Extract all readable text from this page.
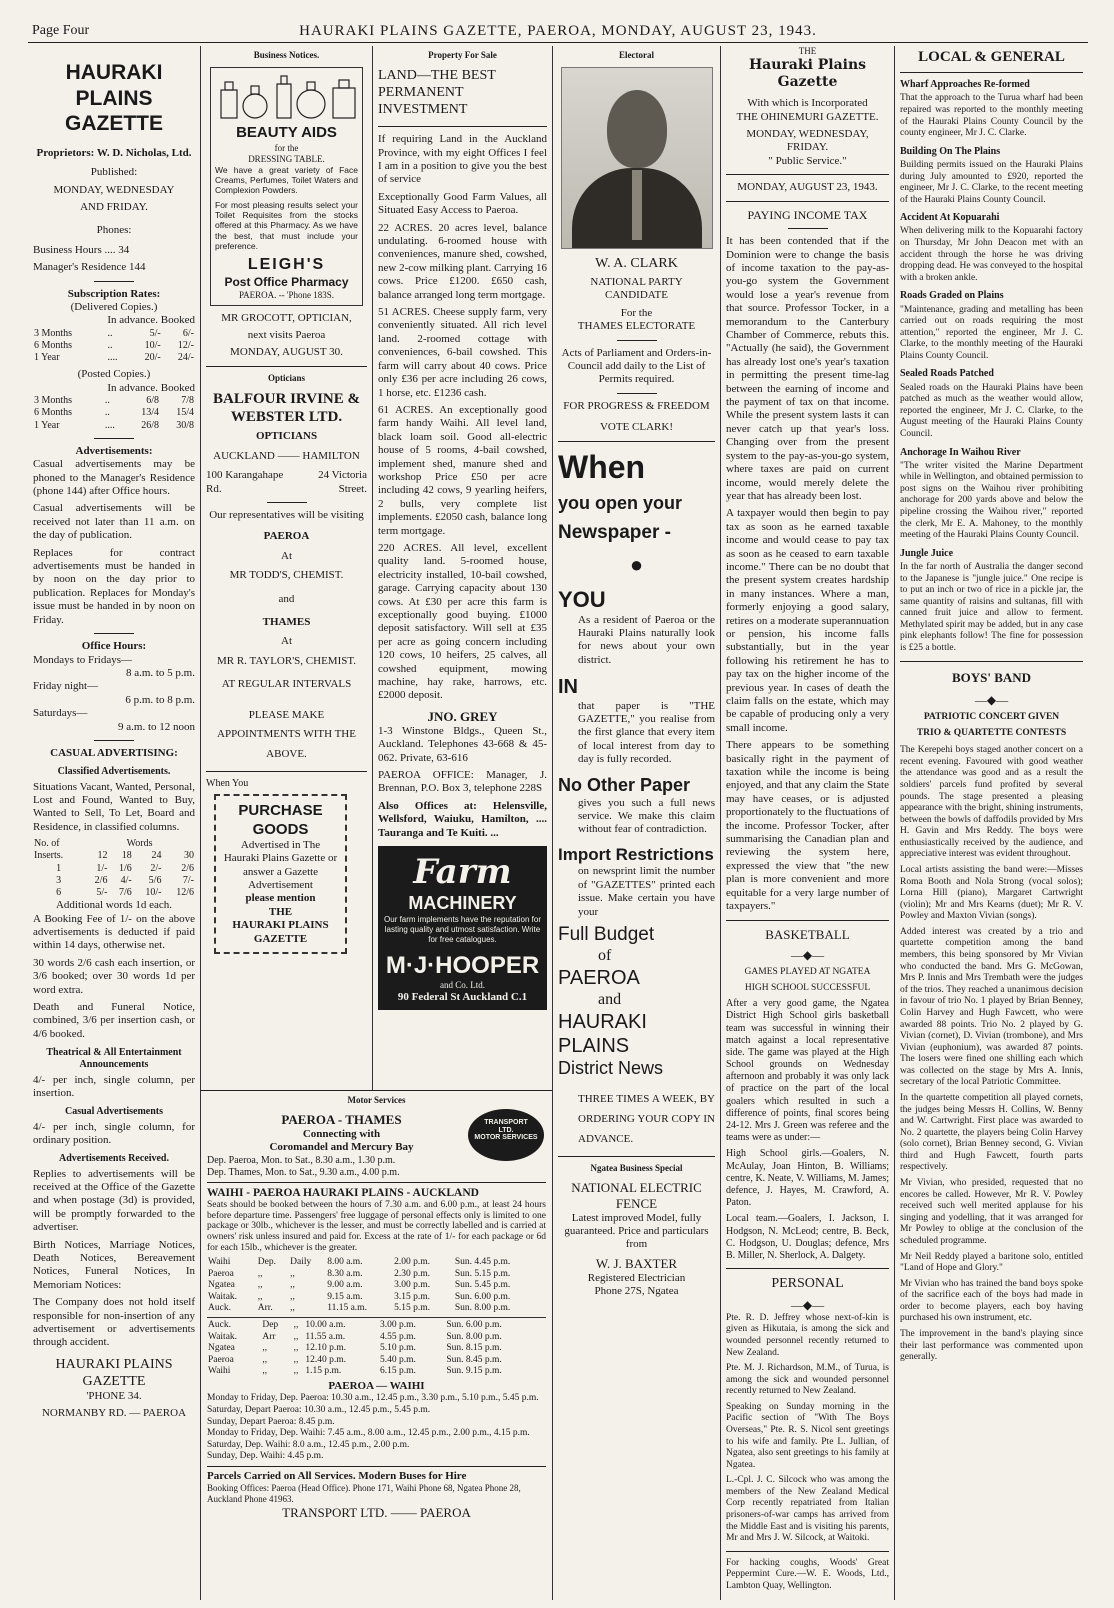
Page Four	HAURAKI PLAINS GAZETTE, PAEROA, MONDAY, AUGUST 23, 1943.
HAURAKI PLAINS
GAZETTE
Proprietors: W. D. Nicholas, Ltd.
Published:
MONDAY, WEDNESDAY
AND FRIDAY.
Phones:
Business Hours .... 34
Manager's Residence 144
Subscription Rates:
(Delivered Copies.)
In advance. Booked
3 Months	..	5/-	6/-
6 Months	..	10/-	12/-
1 Year	....	20/-	24/-
(Posted Copies.)
In advance. Booked
3 Months	..	6/8	7/8
6 Months	..	13/4	15/4
1 Year	....	26/8	30/8
Advertisements:

Casual advertisements may be phoned to the Manager's Residence (phone 144) after Office hours.

Casual advertisements will be received not later than 11 a.m. on the day of publication.

Replaces for contract advertisements must be handed in by noon on the day prior to publication. Replaces for Monday's issue must be handed in by noon on Friday.

Office Hours:
Mondays to Fridays—
8 a.m. to 5 p.m.
Friday night—
6 p.m. to 8 p.m.
Saturdays—
9 a.m. to 12 noon
CASUAL ADVERTISING:
Classified Advertisements.

Situations Vacant, Wanted, Personal, Lost and Found, Wanted to Buy, Wanted to Sell, To Let, Board and Residence, in classified columns.

No. of	Words			
Inserts.	12	18	24	30
1	1/-	1/6	2/-	2/6
3	2/6	4/-	5/6	7/-
6	5/-	7/6	10/-	12/6
Additional words 1d each.

A Booking Fee of 1/- on the above advertisements is deducted if paid within 14 days, otherwise net.

30 words 2/6 cash each insertion, or 3/6 booked; over 30 words 1d per word extra.

Death and Funeral Notice, combined, 3/6 per insertion cash, or 4/6 booked.

Theatrical & All Entertainment Announcements

4/- per inch, single column, per insertion.

Casual Advertisements

4/- per inch, single column, for ordinary position.

Advertisements Received.

Replies to advertisements will be received at the Office of the Gazette and when postage (3d) is provided, will be promptly forwarded to the advertiser.

Birth Notices, Marriage Notices, Death Notices, Bereavement Notices, Funeral Notices, In Memoriam Notices:

The Company does not hold itself responsible for non-insertion of any advertisement or advertisements through accident.

HAURAKI PLAINS
GAZETTE
'PHONE 34.
NORMANBY RD. — PAEROA
Business Notices.
BEAUTY AIDS
for the
DRESSING TABLE.

We have a great variety of Face Creams, Perfumes, Toilet Waters and Complexion Powders.

For most pleasing results select your Toilet Requisites from the stocks offered at this Pharmacy. As we have the best, that must include your preference.

LEIGH'S
Post Office Pharmacy
PAEROA. -- 'Phone 183S.
MR GROCOTT, OPTICIAN,
next visits Paeroa
MONDAY, AUGUST 30.
Opticians
BALFOUR IRVINE & WEBSTER LTD.
OPTICIANS
AUCKLAND —— HAMILTON
100 Karangahape Rd.
24 Victoria Street.
Our representatives will be visiting
PAEROA
At
MR TODD'S, CHEMIST.
and
THAMES
At
MR R. TAYLOR'S, CHEMIST.
AT REGULAR INTERVALS
PLEASE MAKE APPOINTMENTS WITH THE ABOVE.
When You
PURCHASE GOODS
Advertised in The Hauraki Plains Gazette or answer a Gazette Advertisement
please mention
THE
HAURAKI PLAINS GAZETTE
Property For Sale
LAND—THE BEST PERMANENT INVESTMENT

If requiring Land in the Auckland Province, with my eight Offices I feel I am in a position to give you the best of service

Exceptionally Good Farm Values, all Situated Easy Access to Paeroa.

22 ACRES. 20 acres level, balance undulating. 6-roomed house with conveniences, manure shed, cowshed, new 2-cow milking plant. Carrying 16 cows. Price £1200. £650 cash, balance arranged long term mortgage.

51 ACRES. Cheese supply farm, very conveniently situated. All rich level land. 2-roomed cottage with conveniences, 6-bail cowshed. This farm will carry about 40 cows. Price only £36 per acre including 26 cows, 1 horse, etc. £1236 cash.

61 ACRES. An exceptionally good farm handy Waihi. All level land, black loam soil. Good all-electric house of 5 rooms, 4-bail cowshed, implement shed, manure shed and workshop Price £50 per acre including 42 cows, 9 yearling heifers, 2 bulls, very complete list implements. £2050 cash, balance long term mortgage.

220 ACRES. All level, excellent quality land. 5-roomed house, electricity installed, 10-bail cowshed, garage. Carrying capacity about 130 cows. At £30 per acre this farm is exceptionally good buying. £1000 deposit satisfactory. Will sell at £35 per acre as going concern including 120 cows, 10 heifers, 25 calves, all cowshed equipment, mowing machine, hay rake, harrows, etc. £2000 deposit.

JNO. GREY

1-3 Winstone Bldgs., Queen St., Auckland. Telephones 43-668 & 45-062. Private, 63-616

PAEROA OFFICE: Manager, J. Brennan, P.O. Box 3, telephone 228S

Also Offices at: Helensville, Wellsford, Waiuku, Hamilton, .... Tauranga and Te Kuiti. ...

Farm
MACHINERY
Our farm implements have the reputation for lasting quality and utmost satisfaction. Write for free catalogues.
M·J·HOOPER
and Co. Ltd.
90 Federal St Auckland C.1
Electoral
W. A. CLARK
NATIONAL PARTY
CANDIDATE
For the
THAMES ELECTORATE

Acts of Parliament and Orders-in-Council add daily to the List of Permits required.

FOR PROGRESS & FREEDOM
VOTE CLARK!
When
you open your
Newspaper -
●
YOU

As a resident of Paeroa or the Hauraki Plains naturally look for news about your own district.

IN

that paper is "THE GAZETTE," you realise from the first glance that every item of local interest from day to day is fully recorded.

No Other Paper

gives you such a full news service. We make this claim without fear of contradiction.

Import Restrictions

on newsprint limit the number of "GAZETTES" printed each issue. Make certain you have your

Full Budget
of
PAEROA
and
HAURAKI
PLAINS
District News

THREE TIMES A WEEK, BY ORDERING YOUR COPY IN ADVANCE.

Ngatea Business Special
NATIONAL ELECTRIC FENCE

Latest improved Model, fully guaranteed. Price and particulars from

W. J. BAXTER
Registered Electrician
Phone 27S, Ngatea
THE
Hauraki Plains Gazette
With which is Incorporated
THE OHINEMURI GAZETTE.
MONDAY, WEDNESDAY, FRIDAY.
" Public Service."
MONDAY, AUGUST 23, 1943.
PAYING INCOME TAX

It has been contended that if the Dominion were to change the basis of income taxation to the pay-as-you-go system the Government would lose a year's revenue from that source. Professor Tocker, in a memorandum to the Canterbury Chamber of Commerce, rebuts this. "Actually (he said), the Government has already lost one's year's taxation in permitting the present time-lag between the earning of income and the payment of tax on that income. While the present system lasts it can never catch up that year's loss. Changing over from the present system to the pay-as-you-go system, where taxes are paid on current income, would merely delete the year that has already been lost.

A taxpayer would then begin to pay tax as soon as he earned taxable income and would cease to pay tax as soon as he ceased to earn taxable income." There can be no doubt that the present system creates hardship in many instances. Where a man, formerly enjoying a good salary, retires on a moderate superannuation or pension, his income falls substantially, but in the year following his retirement he has to pay tax on the higher income of the previous year. In cases of death the claim falls on the estate, which may be capable of producing only a very small income.

There appears to be something basically right in the payment of taxation while the income is being enjoyed, and that any claim the State may have ceases, or is adjusted proportionately to the fluctuations of the income. Professor Tocker, after summarising the Canadian plan and reviewing the system here, expressed the view that "the new plan is more convenient and more equitable for a very large number of taxpayers."

BASKETBALL
—◆—
GAMES PLAYED AT NGATEA
HIGH SCHOOL SUCCESSFUL

After a very good game, the Ngatea District High School girls basketball team was successful in winning their match against a local representative side. The game was played at the High School grounds on Wednesday afternoon and probably it was only lack of practice on the part of the local goalers which resulted in such a difference of points, final scores being 24-12. Mrs J. Green was referee and the teams were as under:—

High School girls.—Goalers, N. McAulay, Joan Hinton, B. Williams; centre, K. Neate, V. Williams, M. James; defence, J. Hayes, M. Crawford, A. Paton.

Local team.—Goalers, I. Jackson, I. Hodgson, N. McLeod; centre, B. Beck, C. Hodgson, U. Douglas; defence, Mrs B. Miller, N. Sherlock, A. Dalgety.

PERSONAL
—◆—

Pte. R. D. Jeffrey whose next-of-kin is given as Hikutaia, is among the sick and wounded personnel recently returned to New Zealand.

Pte. M. J. Richardson, M.M., of Turua, is among the sick and wounded personnel recently returned to New Zealand.

Speaking on Sunday morning in the Pacific section of "With The Boys Overseas," Pte. R. S. Nicol sent greetings to his wife and family. Pte L. Jullian, of Ngatea, also sent greetings to his family at Ngatea.

L.-Cpl. J. C. Silcock who was among the members of the New Zealand Medical Corp recently repatriated from Italian prisoners-of-war camps has arrived from the Middle East and is visiting his parents, Mr and Mrs J. W. Silcock, at Waitoki.

For hacking coughs, Woods' Great Peppermint Cure.—W. E. Woods, Ltd., Lambton Quay, Wellington.

LOCAL & GENERAL
Wharf Approaches Re-formed

That the approach to the Turua wharf had been repaired was reported to the monthly meeting of the Hauraki Plains County Council by the county engineer, Mr J. C. Clarke.

Building On The Plains

Building permits issued on the Hauraki Plains during July amounted to £920, reported the engineer, Mr J. C. Clarke, to the recent meeting of the Hauraki Plains County Council.

Accident At Kopuarahi

When delivering milk to the Kopuarahi factory on Thursday, Mr John Deacon met with an accident through the horse he was driving dropping dead. He was conveyed to the hospital with a broken ankle.

Roads Graded on Plains

"Maintenance, grading and metalling has been carried out on roads requiring the most attention," reported the engineer, Mr J. C. Clarke, to the monthly meeting of the Hauraki Plains County Council.

Sealed Roads Patched

Sealed roads on the Hauraki Plains have been patched as much as the weather would allow, reported the engineer, Mr J. C. Clarke, to the August meeting of the Hauraki Plains County Council.

Anchorage In Waihou River

"The writer visited the Marine Department while in Wellington, and obtained permission to post signs on the Waihou river prohibiting anchorage for 200 yards above and below the pipeline crossing the Waihou river," reported the clerk, Mr E. A. Mahoney, to the monthly meeting of the Hauraki Plains County Council.

Jungle Juice

In the far north of Australia the danger second to the Japanese is "jungle juice." One recipe is to put an inch or two of rice in a pickle jar, the same quantity of raisins and sultanas, fill with canned fruit juice and allow to ferment. Methylated spirit may be added, but in any case pink elephants follow! The fine for possession is £25 a bottle.

BOYS' BAND
—◆—
PATRIOTIC CONCERT GIVEN
TRIO & QUARTETTE CONTESTS

The Kerepehi boys staged another concert on a recent evening. Favoured with good weather the attendance was good and as a result the soldiers' parcels fund profited by several pounds. The stage presented a pleasing appearance with the bright, shining instruments, between the bowls of daffodils provided by Mrs H. Gavin and Mrs Reddy. The boys were enthusiastically received by the audience, and appreciative interest was evident throughout.

Local artists assisting the band were:—Misses Roma Booth and Nola Strong (vocal solos); Lorna Hill (piano), Margaret Cartwright (violin); Mr and Mrs Kearns (duet); Mr R. V. Powley and Maxton Vivian (songs).

Added interest was created by a trio and quartette competition among the band members, this being sponsored by Mr Vivian who conducted the band. Mrs G. McGowan, Mrs P. Innis and Mrs Trembath were the judges of the trios. They reached a unanimous decision in favour of trio No. 1 played by Brian Benney, Colin Harvey and Hugh Fawcett, who were awarded 88 points. Trio No. 2 played by G. Vivian (cornet), D. Vivian (trombone), and Mrs Vivian (euphonium), was awarded 87 points. The losers were fined one shilling each which was collected on the stage by Mrs A. Innis, secretary of the local Patriotic Committee.

In the quartette competition all played cornets, the judges being Messrs H. Collins, W. Benny and W. Cartwright. First place was awarded to No. 2 quartette, the players being Colin Harvey (solo cornet), Brian Benney second, G. Vivian third and Hugh Fawcett, fourth parts respectively.

Mr Vivian, who presided, requested that no encores be called. However, Mr R. V. Powley received such well merited applause for his singing and yodelling, that it was arranged for Mr Powley to oblige at the conclusion of the scheduled programme.

Mr Neil Reddy played a baritone solo, entitled "Land of Hope and Glory."

Mr Vivian who has trained the band boys spoke of the sacrifice each of the boys had made in order to become players, each boy having purchased his own instrument, etc.

The improvement in the band's playing since their last performance was commented upon generally.

Motor Services
TRANSPORT
LTD.
MOTOR SERVICES
PAEROA - THAMES
Connecting with
Coromandel and Mercury Bay
Dep. Paeroa, Mon. to Sat., 8.30 a.m., 1.30 p.m.
Dep. Thames, Mon. to Sat., 9.30 a.m., 4.00 p.m.
WAIHI - PAEROA HAURAKI PLAINS - AUCKLAND

Seats should be booked between the hours of 7.30 a.m. and 6.00 p.m., at least 24 hours before departure time. Passengers' free luggage of personal effects only is limited to one package or 30lb., whichever is the lesser, and must be correctly labelled and is carried at owners' risk unless insured and paid for. Excess at the rate of 1/- for each package or 6d for each 15lb., whichever is the greater.

Waihi	Dep.	Daily	8.00 a.m.	2.00 p.m.	Sun. 4.45 p.m.
Paeroa	,,	,,	8.30 a.m.	2.30 p.m.	Sun. 5.15 p.m.
Ngatea	,,	,,	9.00 a.m.	3.00 p.m.	Sun. 5.45 p.m.
Waitak.	,,	,,	9.15 a.m.	3.15 p.m.	Sun. 6.00 p.m.
Auck.	Arr.	,,	11.15 a.m.	5.15 p.m.	Sun. 8.00 p.m.
Auck.	Dep	,,	10.00 a.m.	3.00 p.m.	Sun. 6.00 p.m.
Waitak.	Arr	,,	11.55 a.m.	4.55 p.m.	Sun. 8.00 p.m.
Ngatea	,,	,,	12.10 p.m.	5.10 p.m.	Sun. 8.15 p.m.
Paeroa	,,	,,	12.40 p.m.	5.40 p.m.	Sun. 8.45 p.m.
Waihi	,,	,,	1.15 p.m.	6.15 p.m.	Sun. 9.15 p.m.
PAEROA — WAIHI
Monday to Friday, Dep. Paeroa: 10.30 a.m., 12.45 p.m., 3.30 p.m., 5.10 p.m., 5.45 p.m.
Saturday, Depart Paeroa: 10.30 a.m., 12.45 p.m., 5.45 p.m.
Sunday, Depart Paeroa: 8.45 p.m.
Monday to Friday, Dep. Waihi: 7.45 a.m., 8.00 a.m., 12.45 p.m., 2.00 p.m., 4.15 p.m.
Saturday, Dep. Waihi: 8.0 a.m., 12.45 p.m., 2.00 p.m.
Sunday, Dep. Waihi: 4.45 p.m.
Parcels Carried on All Services. Modern Buses for Hire
Booking Offices: Paeroa (Head Office). Phone 171, Waihi Phone 68, Ngatea Phone 28, Auckland Phone 41963.
TRANSPORT LTD. —— PAEROA
